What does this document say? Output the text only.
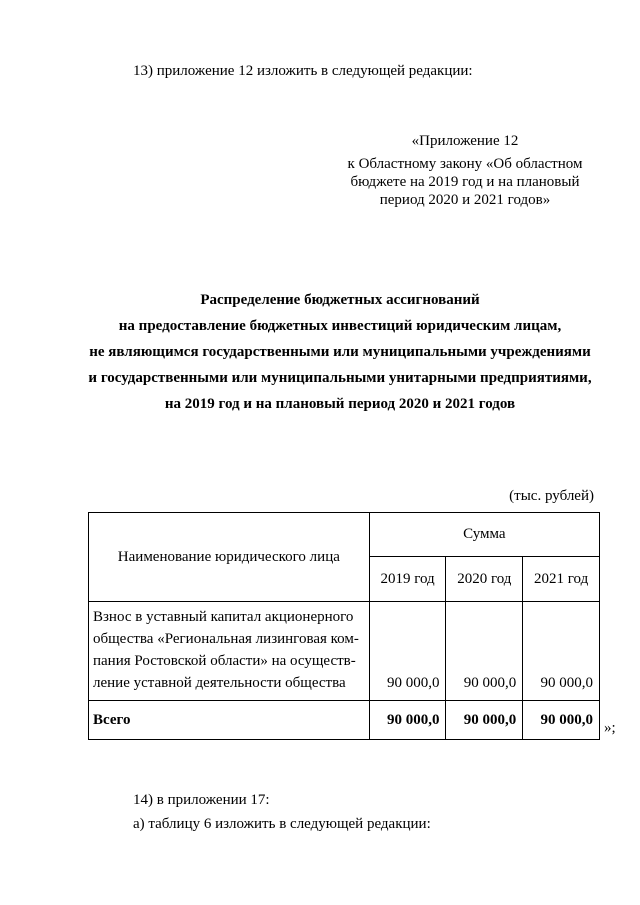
13) приложение 12 изложить в следующей редакции:
«Приложение 12
к Областному закону «Об областном
бюджете на 2019 год и на плановый
период 2020 и 2021 годов»
Распределение бюджетных ассигнований
на предоставление бюджетных инвестиций юридическим лицам,
не являющимся государственными или муниципальными учреждениями
и государственными или муниципальными унитарными предприятиями,
на 2019 год и на плановый период 2020 и 2021 годов
(тыс. рублей)
Наименование юридического лица	Сумма		
	2019 год	2020 год	2021 год

Взнос в уставный капитал акционерного
общества «Региональная лизинговая ком-
пания Ростовской области» на осуществ-
ление уставной деятельности общества	90 000,0	90 000,0	90 000,0
Всего	90 000,0	90 000,0	90 000,0
»;
14) в приложении 17:
а) таблицу 6 изложить в следующей редакции:
